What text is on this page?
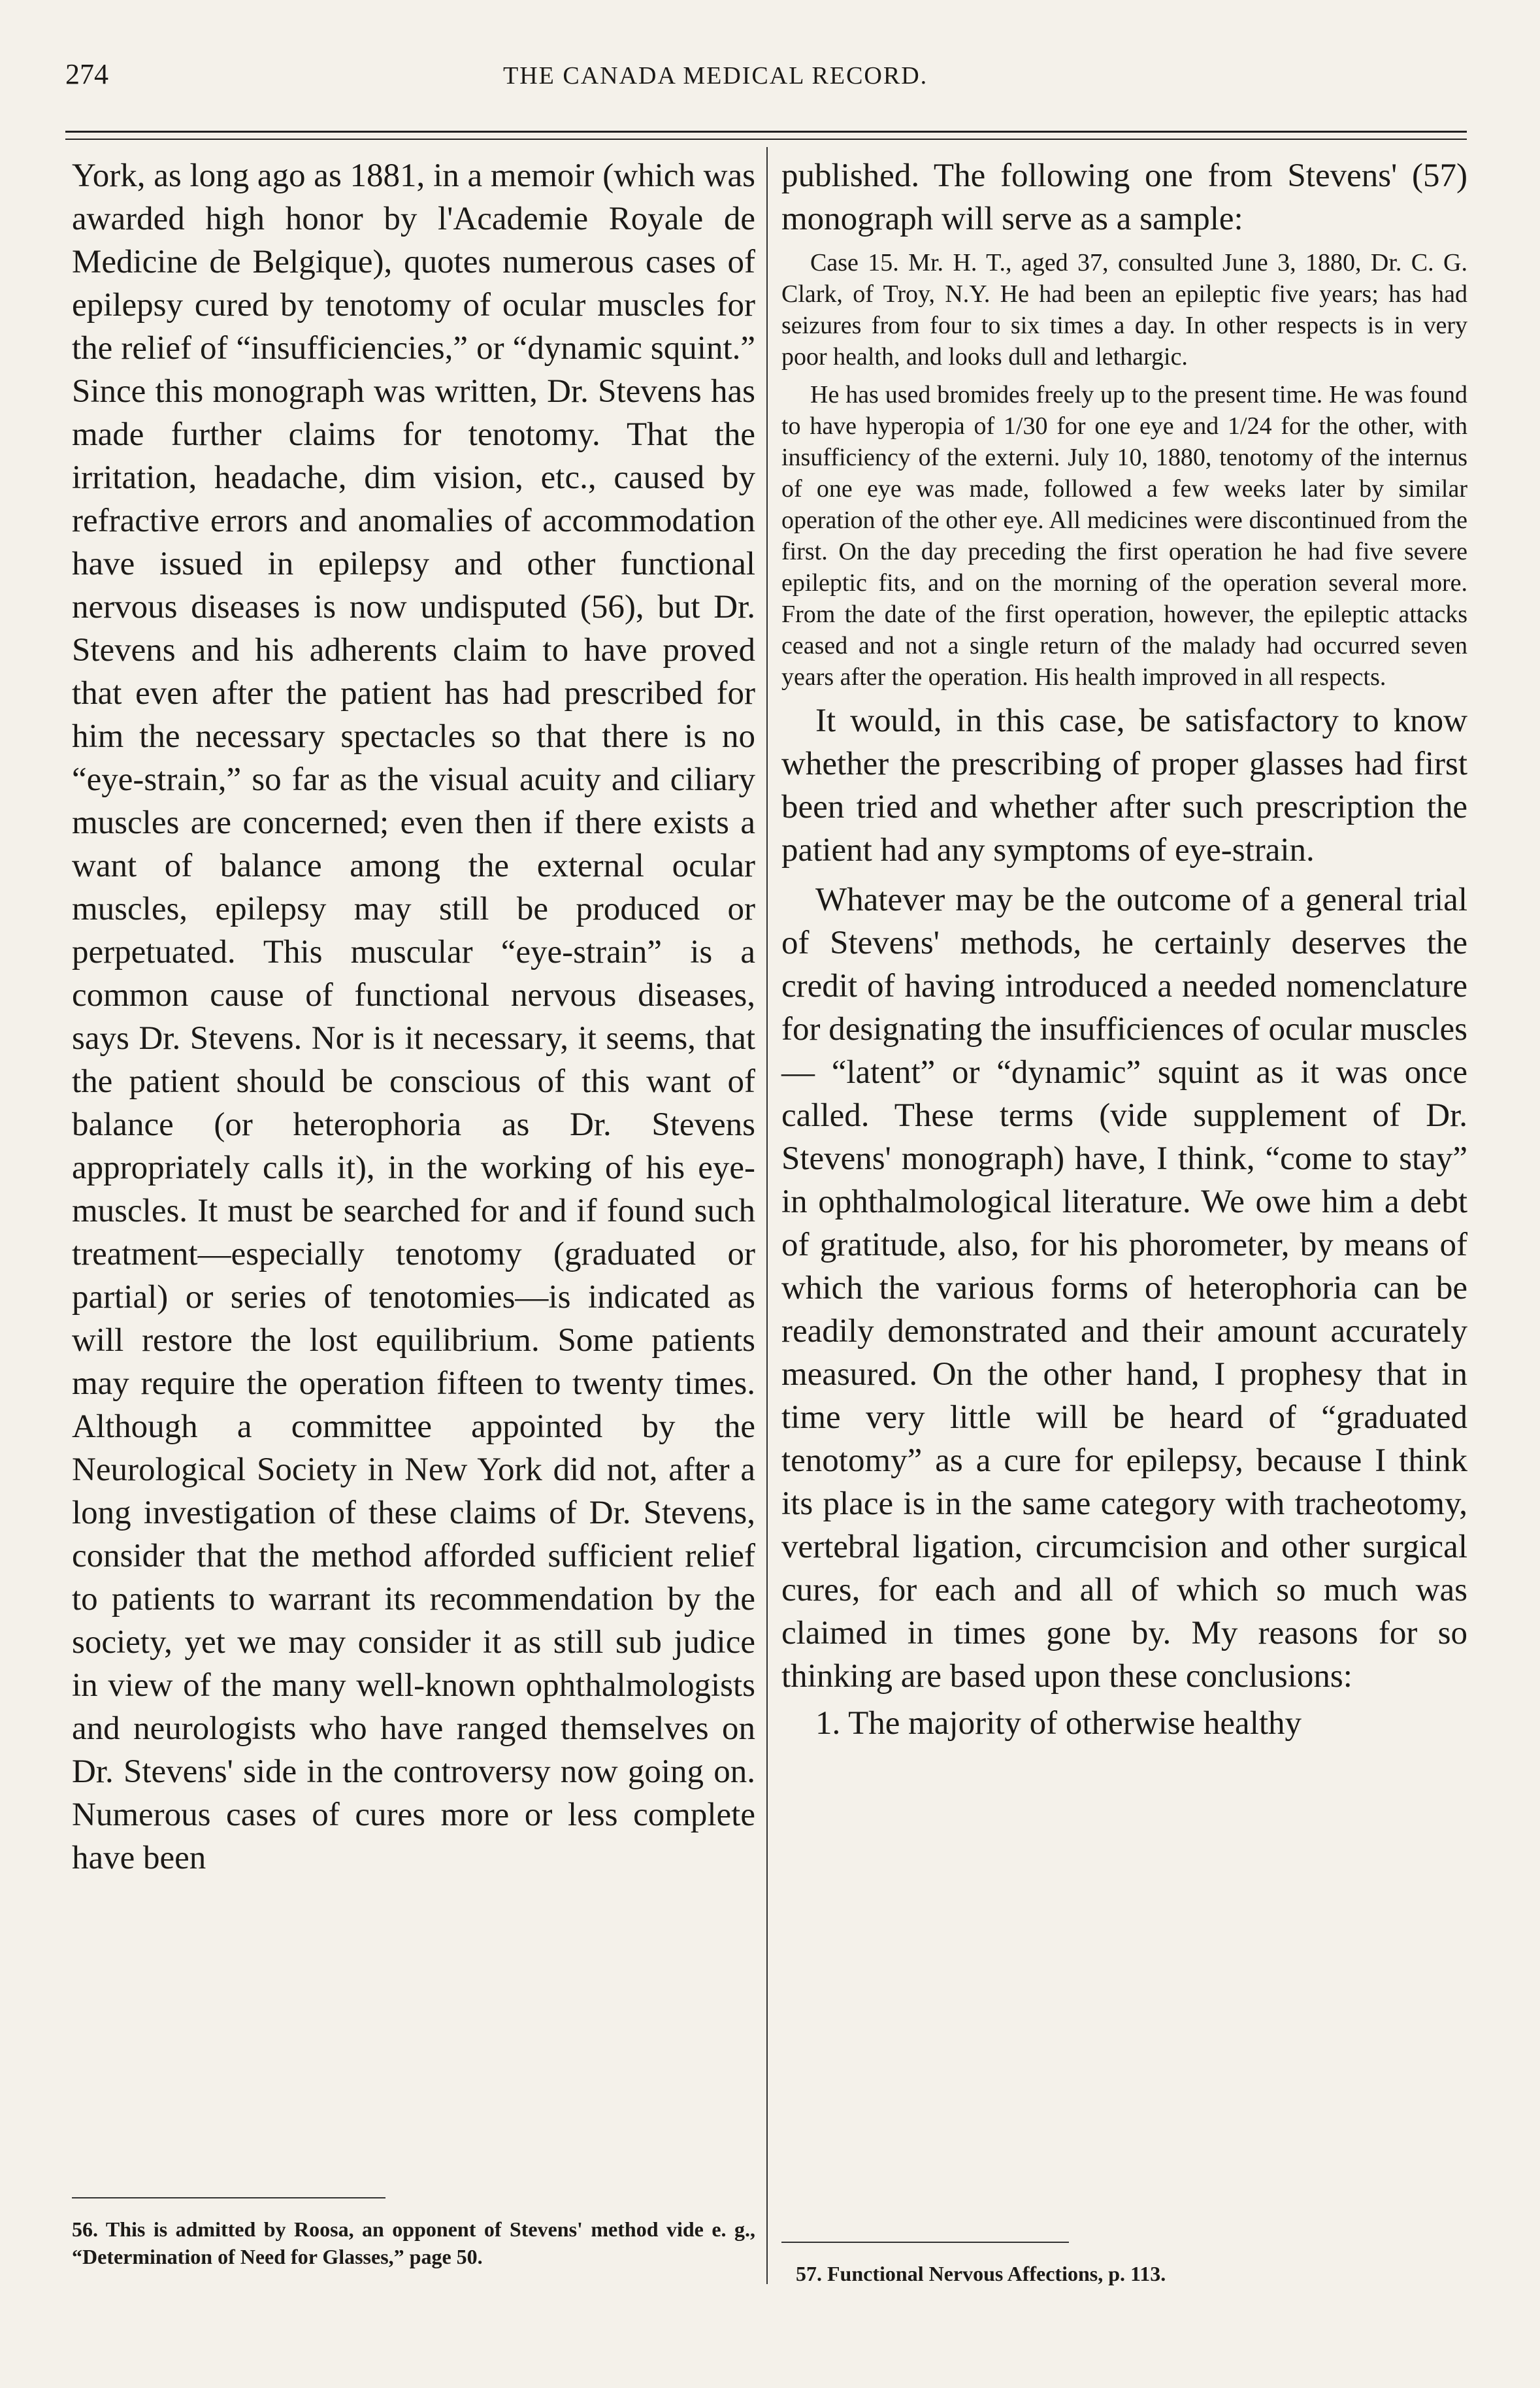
274	THE CANADA MEDICAL RECORD.

York, as long ago as 1881, in a memoir (which was awarded high honor by l'Academie Royale de Medicine de Belgique), quotes numerous cases of epilepsy cured by tenotomy of ocular muscles for the relief of “insufficiencies,” or “dynamic squint.” Since this monograph was written, Dr. Stevens has made further claims for tenotomy. That the irritation, headache, dim vision, etc., caused by refractive errors and anomalies of accommodation have issued in epilepsy and other functional nervous diseases is now undisputed (56), but Dr. Stevens and his adherents claim to have proved that even after the patient has had prescribed for him the necessary spectacles so that there is no “eye-strain,” so far as the visual acuity and ciliary muscles are concerned; even then if there exists a want of balance among the external ocular muscles, epilepsy may still be produced or perpetuated. This muscular “eye-strain” is a common cause of functional nervous diseases, says Dr. Stevens. Nor is it necessary, it seems, that the patient should be conscious of this want of balance (or heterophoria as Dr. Stevens appropriately calls it), in the working of his eye-muscles. It must be searched for and if found such treatment—especially tenotomy (graduated or partial) or series of tenotomies—is indicated as will restore the lost equilibrium. Some patients may require the operation fifteen to twenty times. Although a committee appointed by the Neurological Society in New York did not, after a long investigation of these claims of Dr. Stevens, consider that the method afforded sufficient relief to patients to warrant its recommendation by the society, yet we may consider it as still sub judice in view of the many well-known ophthalmologists and neurologists who have ranged themselves on Dr. Stevens' side in the controversy now going on. Numerous cases of cures more or less complete have been

published. The following one from Stevens' (57) monograph will serve as a sample:

Case 15. Mr. H. T., aged 37, consulted June 3, 1880, Dr. C. G. Clark, of Troy, N.Y. He had been an epileptic five years; has had seizures from four to six times a day. In other respects is in very poor health, and looks dull and lethargic.

He has used bromides freely up to the present time. He was found to have hyperopia of 1/30 for one eye and 1/24 for the other, with insufficiency of the externi. July 10, 1880, tenotomy of the internus of one eye was made, followed a few weeks later by similar operation of the other eye. All medicines were discontinued from the first. On the day preceding the first operation he had five severe epileptic fits, and on the morning of the operation several more. From the date of the first operation, however, the epileptic attacks ceased and not a single return of the malady had occurred seven years after the operation. His health improved in all respects.

It would, in this case, be satisfactory to know whether the prescribing of proper glasses had first been tried and whether after such prescription the patient had any symptoms of eye-strain.

Whatever may be the outcome of a general trial of Stevens' methods, he certainly deserves the credit of having introduced a needed nomenclature for designating the insufficiences of ocular muscles— “latent” or “dynamic” squint as it was once called. These terms (vide supplement of Dr. Stevens' monograph) have, I think, “come to stay” in ophthalmological literature. We owe him a debt of gratitude, also, for his phorometer, by means of which the various forms of heterophoria can be readily demonstrated and their amount accurately measured. On the other hand, I prophesy that in time very little will be heard of “graduated tenotomy” as a cure for epilepsy, because I think its place is in the same category with tracheotomy, vertebral ligation, circumcision and other surgical cures, for each and all of which so much was claimed in times gone by. My reasons for so thinking are based upon these conclusions:

1. The majority of otherwise healthy

56. This is admitted by Roosa, an opponent of Stevens' method vide e. g., “Determination of Need for Glasses,” page 50.
57. Functional Nervous Affections, p. 113.
